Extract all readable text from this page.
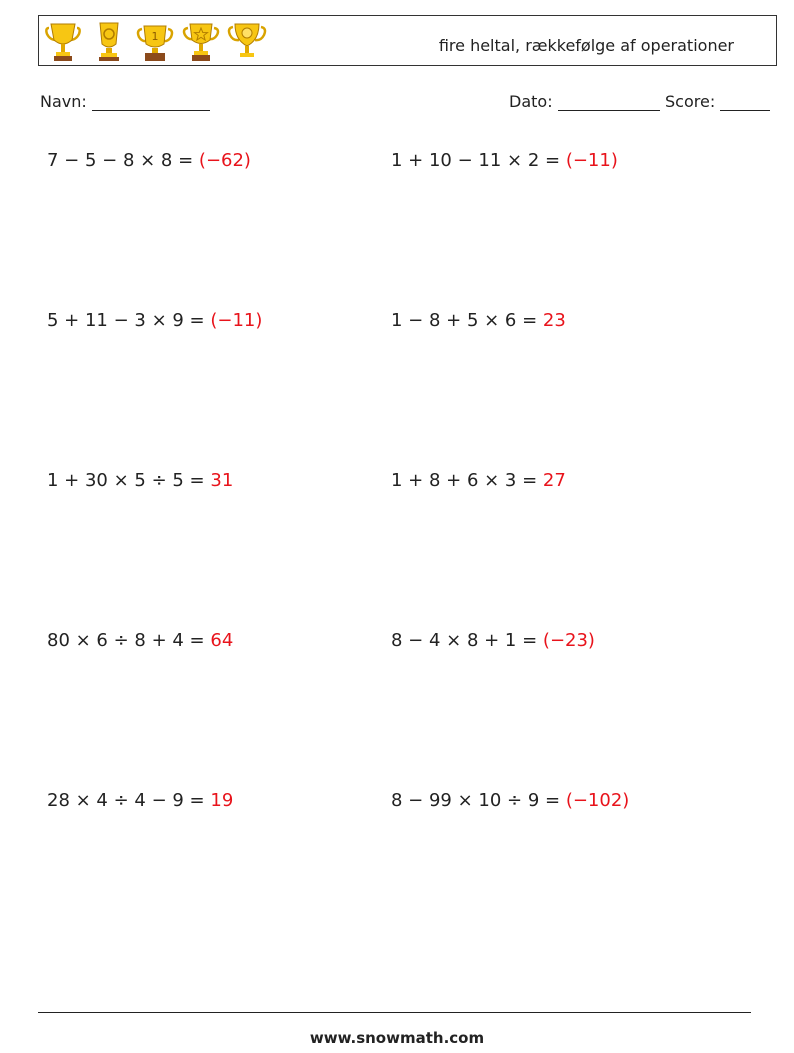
1	fire heltal, rækkefølge af operationer
Navn:	Dato:	Score:
7 − 5 − 8 × 8 = (−62)	1 + 10 − 11 × 2 = (−11)
5 + 11 − 3 × 9 = (−11)	1 − 8 + 5 × 6 = 23
1 + 30 × 5 ÷ 5 = 31	1 + 8 + 6 × 3 = 27
80 × 6 ÷ 8 + 4 = 64	8 − 4 × 8 + 1 = (−23)
28 × 4 ÷ 4 − 9 = 19	8 − 99 × 10 ÷ 9 = (−102)
www.snowmath.com
